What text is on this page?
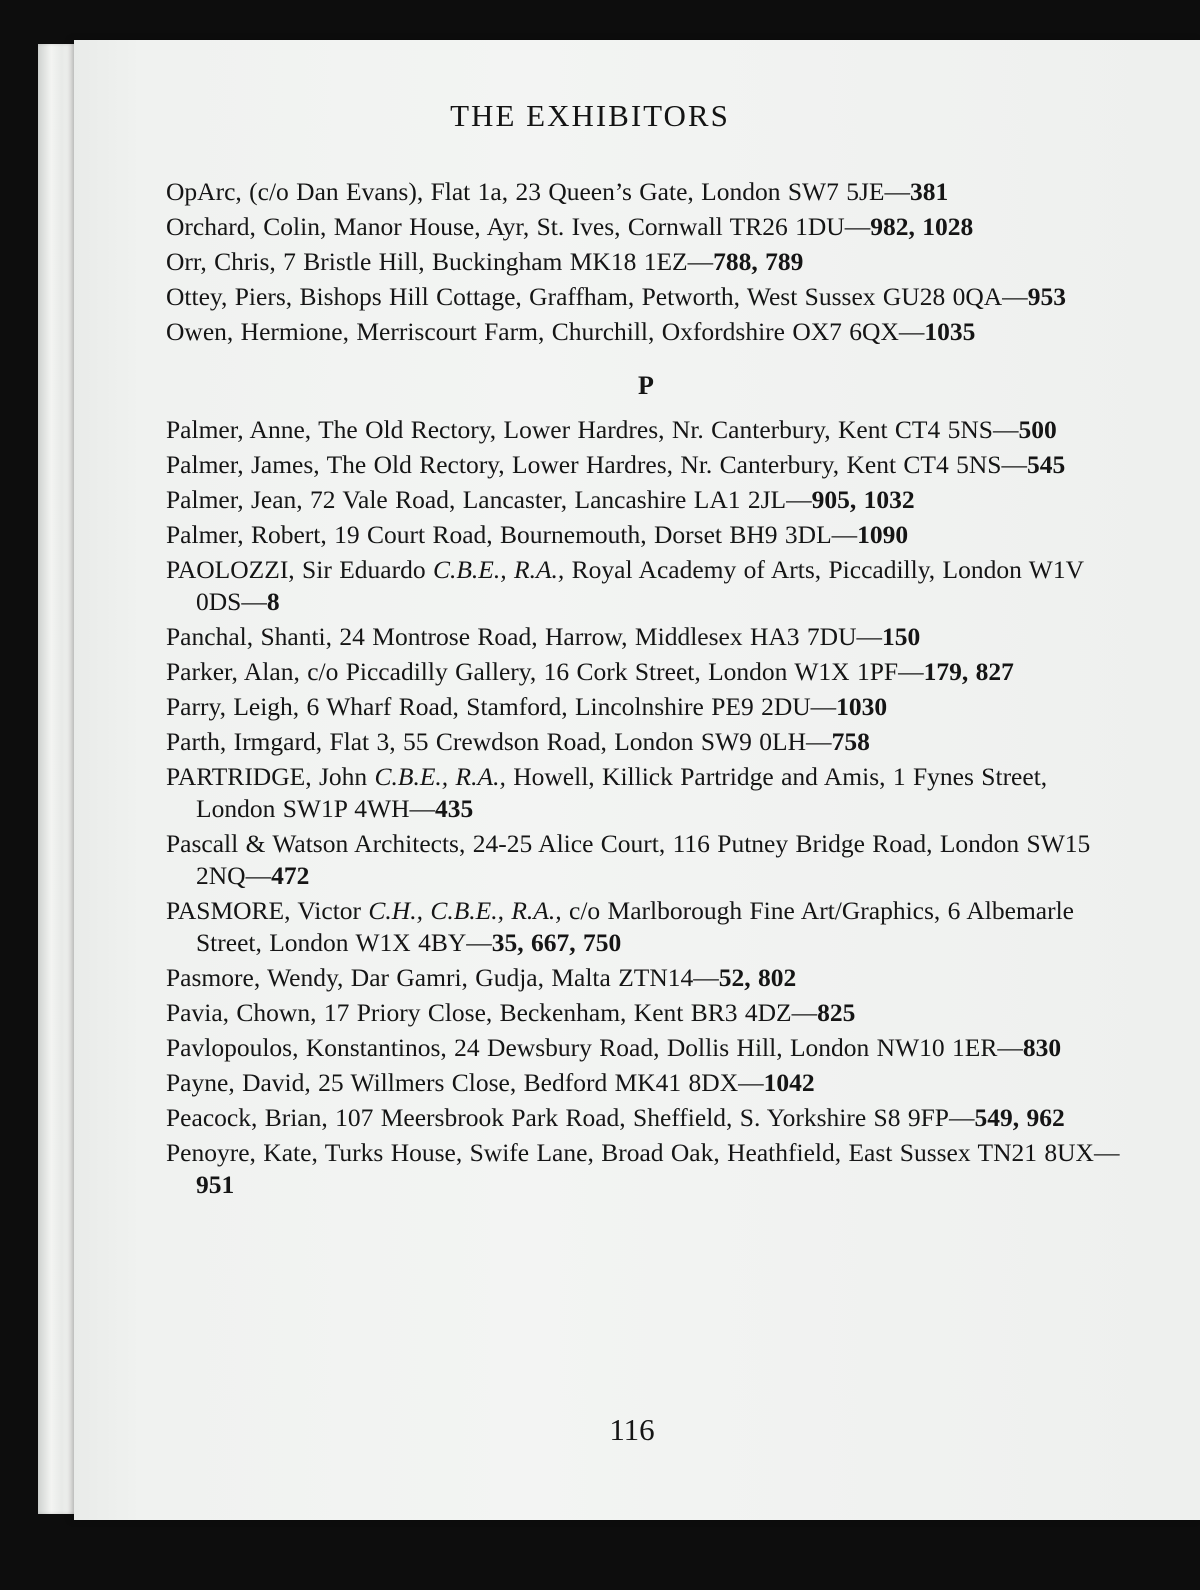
THE EXHIBITORS

OpArc, (c/o Dan Evans), Flat 1a, 23 Queen’s Gate, London SW7 5JE—381

Orchard, Colin, Manor House, Ayr, St. Ives, Cornwall TR26 1DU—982, 1028

Orr, Chris, 7 Bristle Hill, Buckingham MK18 1EZ—788, 789

Ottey, Piers, Bishops Hill Cottage, Graffham, Petworth, West Sussex GU28 0QA—953

Owen, Hermione, Merriscourt Farm, Churchill, Oxfordshire OX7 6QX—1035

P

Palmer, Anne, The Old Rectory, Lower Hardres, Nr. Canterbury, Kent CT4 5NS—500

Palmer, James, The Old Rectory, Lower Hardres, Nr. Canterbury, Kent CT4 5NS—545

Palmer, Jean, 72 Vale Road, Lancaster, Lancashire LA1 2JL—905, 1032

Palmer, Robert, 19 Court Road, Bournemouth, Dorset BH9 3DL—1090

PAOLOZZI, Sir Eduardo C.B.E., R.A., Royal Academy of Arts, Piccadilly, London W1V 0DS—8

Panchal, Shanti, 24 Montrose Road, Harrow, Middlesex HA3 7DU—150

Parker, Alan, c/o Piccadilly Gallery, 16 Cork Street, London W1X 1PF—179, 827

Parry, Leigh, 6 Wharf Road, Stamford, Lincolnshire PE9 2DU—1030

Parth, Irmgard, Flat 3, 55 Crewdson Road, London SW9 0LH—758

PARTRIDGE, John C.B.E., R.A., Howell, Killick Partridge and Amis, 1 Fynes Street, London SW1P 4WH—435

Pascall & Watson Architects, 24-25 Alice Court, 116 Putney Bridge Road, London SW15 2NQ—472

PASMORE, Victor C.H., C.B.E., R.A., c/o Marlborough Fine Art/Graphics, 6 Albemarle Street, London W1X 4BY—35, 667, 750

Pasmore, Wendy, Dar Gamri, Gudja, Malta ZTN14—52, 802

Pavia, Chown, 17 Priory Close, Beckenham, Kent BR3 4DZ—825

Pavlopoulos, Konstantinos, 24 Dewsbury Road, Dollis Hill, London NW10 1ER—830

Payne, David, 25 Willmers Close, Bedford MK41 8DX—1042

Peacock, Brian, 107 Meersbrook Park Road, Sheffield, S. Yorkshire S8 9FP—549, 962

Penoyre, Kate, Turks House, Swife Lane, Broad Oak, Heathfield, East Sussex TN21 8UX—951

116
